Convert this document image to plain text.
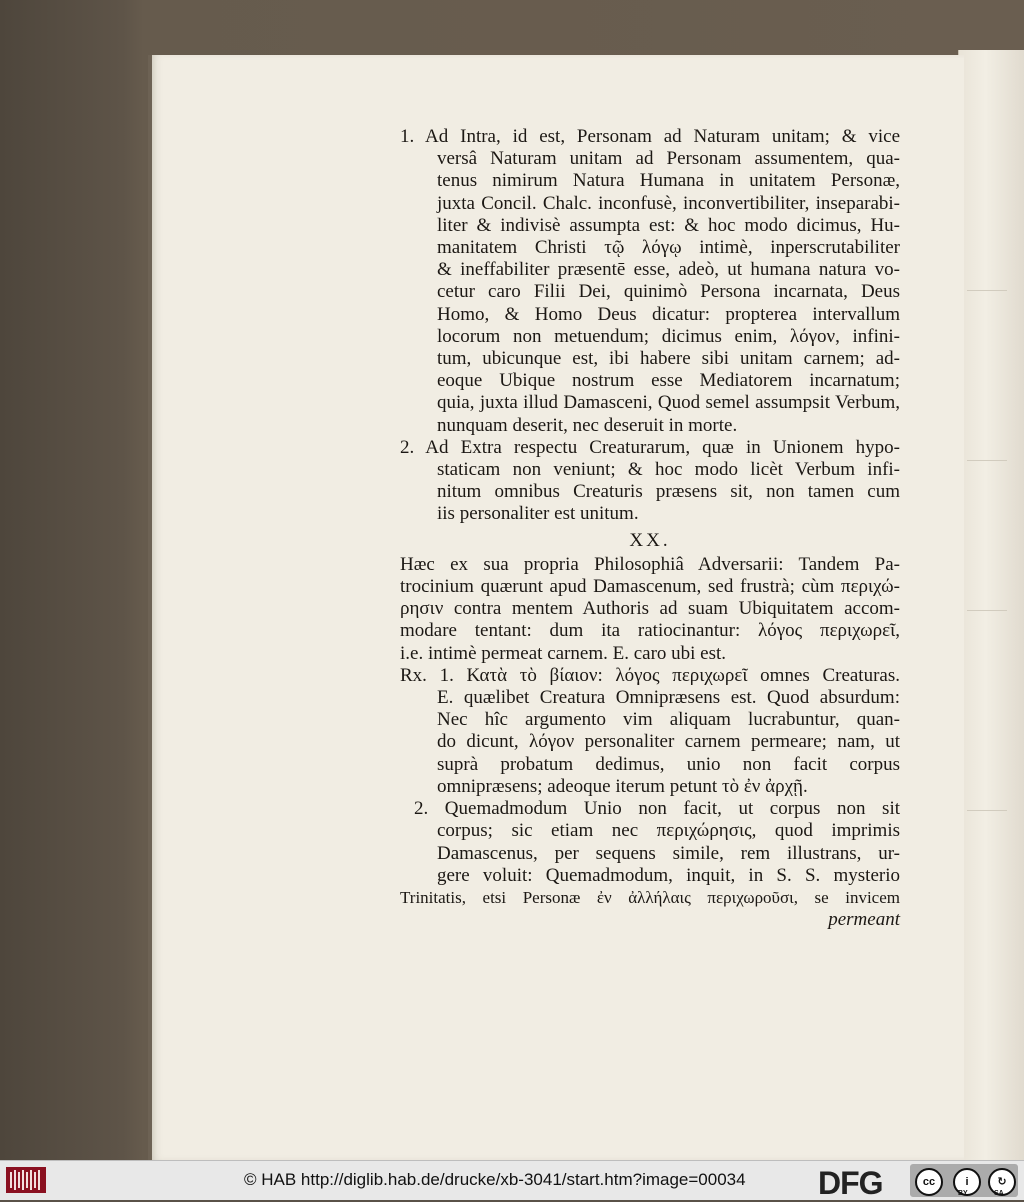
1. Ad Intra, id est, Personam ad Naturam unitam; & vice
versâ Naturam unitam ad Personam assumentem, qua-
tenus nimirum Natura Humana in unitatem Personæ,
juxta Concil. Chalc. inconfusè, inconvertibiliter, inseparabi-
liter & indivisè assumpta est: & hoc modo dicimus, Hu-
manitatem Christi τῷ λόγῳ intimè, inperscrutabiliter
& ineffabiliter præsentē esse, adeò, ut humana natura vo-
cetur caro Filii Dei, quinimò Persona incarnata, Deus
Homo, & Homo Deus dicatur: propterea intervallum
locorum non metuendum; dicimus enim, λόγον, infini-
tum, ubicunque est, ibi habere sibi unitam carnem; ad-
eoque Ubique nostrum esse Mediatorem incarnatum;
quia, juxta illud Damasceni, Quod semel assumpsit Verbum,
nunquam deserit, nec deseruit in morte.
2. Ad Extra respectu Creaturarum, quæ in Unionem hypo-
staticam non veniunt; & hoc modo licèt Verbum infi-
nitum omnibus Creaturis præsens sit, non tamen cum
iis personaliter est unitum.
XX.
Hæc ex sua propria Philosophiâ Adversarii: Tandem Pa-
trocinium quærunt apud Damascenum, sed frustrà; cùm περιχώ-
ρησιν contra mentem Authoris ad suam Ubiquitatem accom-
modare tentant: dum ita ratiocinantur: λόγος περιχωρεῖ,
i.e. intimè permeat carnem. E. caro ubi est.
Rx. 1. Κατὰ τὸ βίαιον: λόγος περιχωρεῖ omnes Creaturas.
E. quælibet Creatura Omnipræsens est. Quod absurdum:
Nec hîc argumento vim aliquam lucrabuntur, quan-
do dicunt, λόγον personaliter carnem permeare; nam, ut
suprà probatum dedimus, unio non facit corpus
omnipræsens; adeoque iterum petunt τὸ ἐν ἀρχῇ.
2. Quemadmodum Unio non facit, ut corpus non sit
corpus; sic etiam nec περιχώρησις, quod imprimis
Damascenus, per sequens simile, rem illustrans, ur-
gere voluit: Quemadmodum, inquit, in S. S. mysterio
Trinitatis, etsi Personæ ἐν ἀλλήλαις περιχωροῦσι, se invicem
permeant
© HAB http://diglib.hab.de/drucke/xb-3041/start.htm?image=00034 DFG	cc	i	↻
BY	SA
